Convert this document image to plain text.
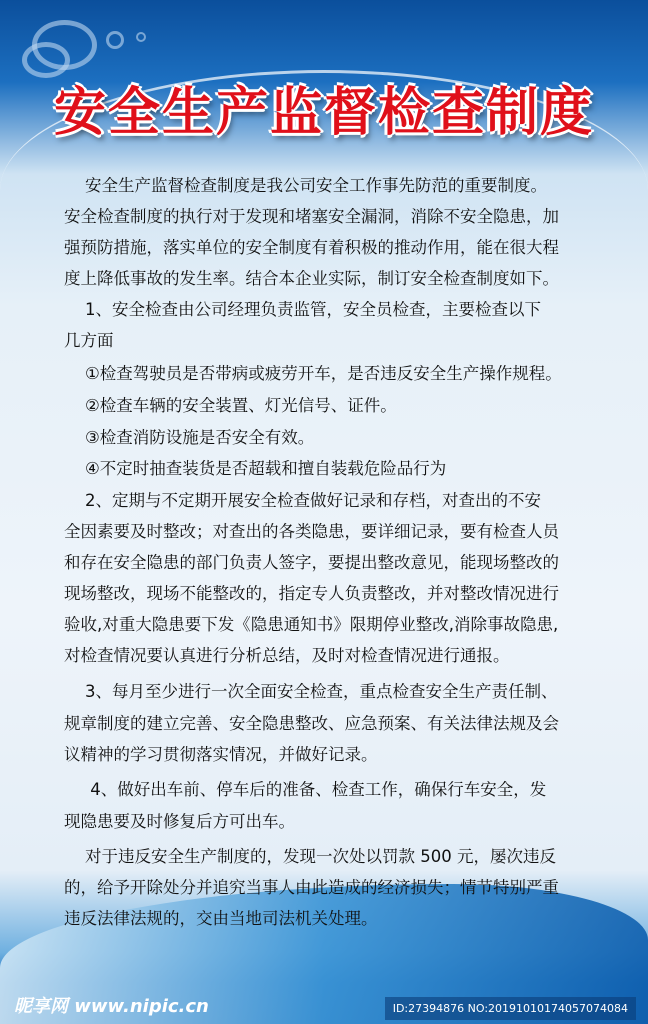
安全生产监督检查制度
安全生产监督检查制度是我公司安全工作事先防范的重要制度。
安全检查制度的执行对于发现和堵塞安全漏洞，消除不安全隐患，加
强预防措施，落实单位的安全制度有着积极的推动作用，能在很大程
度上降低事故的发生率。结合本企业实际，制订安全检查制度如下。
1、安全检查由公司经理负责监管，安全员检查，主要检查以下
几方面
①检查驾驶员是否带病或疲劳开车，是否违反安全生产操作规程。
②检查车辆的安全装置、灯光信号、证件。
③检查消防设施是否安全有效。
④不定时抽查装货是否超载和擅自装载危险品行为
2、定期与不定期开展安全检查做好记录和存档，对查出的不安
全因素要及时整改；对查出的各类隐患，要详细记录，要有检查人员
和存在安全隐患的部门负责人签字，要提出整改意见，能现场整改的
现场整改，现场不能整改的，指定专人负责整改，并对整改情况进行
验收,对重大隐患要下发《隐患通知书》限期停业整改,消除事故隐患,
对检查情况要认真进行分析总结，及时对检查情况进行通报。
3、每月至少进行一次全面安全检查，重点检查安全生产责任制、
规章制度的建立完善、安全隐患整改、应急预案、有关法律法规及会
议精神的学习贯彻落实情况，并做好记录。
4、做好出车前、停车后的准备、检查工作，确保行车安全，发
现隐患要及时修复后方可出车。
对于违反安全生产制度的，发现一次处以罚款 500 元，屡次违反
的，给予开除处分并追究当事人由此造成的经济损失；情节特别严重
违反法律法规的，交由当地司法机关处理。
昵享网 www.nipic.cn	ID:27394876 NO:20191010174057074084
